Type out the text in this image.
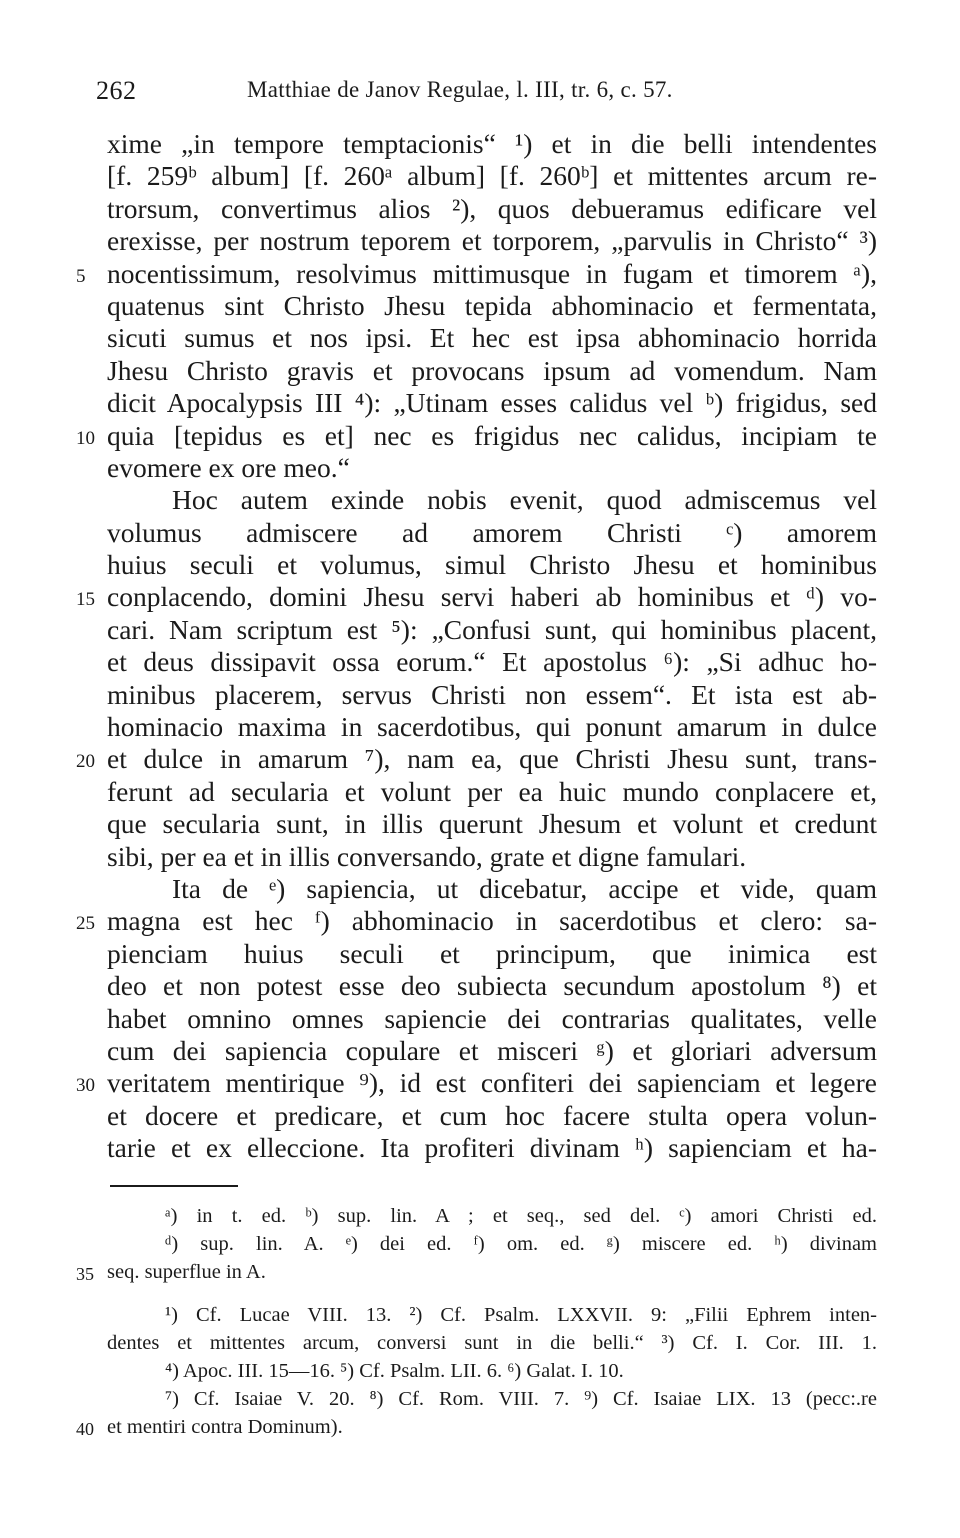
262	Matthiae de Janov Regulae, l. III, tr. 6, c. 57.
xime „in tempore temptacionis“ ¹) et in die belli intendentes
[f. 259ᵇ album] [f. 260ᵃ album] [f. 260ᵇ] et mittentes arcum re-
trorsum, convertimus alios ²), quos debueramus edificare vel
erexisse, per nostrum teporem et torporem, „parvulis in Christo“ ³)
5 nocentissimum, resolvimus mittimusque in fugam et timorem ᵃ),
quatenus sint Christo Jhesu tepida abhominacio et fermentata,
sicuti sumus et nos ipsi. Et hec est ipsa abhominacio horrida
Jhesu Christo gravis et provocans ipsum ad vomendum. Nam
dicit Apocalypsis III ⁴): „Utinam esses calidus vel ᵇ) frigidus, sed
10 quia [tepidus es et] nec es frigidus nec calidus, incipiam te
evomere ex ore meo.“
Hoc autem exinde nobis evenit, quod admiscemus vel
volumus admiscere ad amorem Christi ᶜ) amorem
huius seculi et volumus, simul Christo Jhesu et hominibus
15 conplacendo, domini Jhesu servi haberi ab hominibus et ᵈ) vo-
cari. Nam scriptum est ⁵): „Confusi sunt, qui hominibus placent,
et deus dissipavit ossa eorum.“ Et apostolus ⁶): „Si adhuc ho-
minibus placerem, servus Christi non essem“. Et ista est ab-
hominacio maxima in sacerdotibus, qui ponunt amarum in dulce
20 et dulce in amarum ⁷), nam ea, que Christi Jhesu sunt, trans-
ferunt ad secularia et volunt per ea huic mundo conplacere et,
que secularia sunt, in illis querunt Jhesum et volunt et credunt
sibi, per ea et in illis conversando, grate et digne famulari.
Ita de ᵉ) sapiencia, ut dicebatur, accipe et vide, quam
25 magna est hec ᶠ) abhominacio in sacerdotibus et clero: sa-
pienciam huius seculi et principum, que inimica est
deo et non potest esse deo subiecta secundum apostolum ⁸) et
habet omnino omnes sapiencie dei contrarias qualitates, velle
cum dei sapiencia copulare et misceri ᵍ) et gloriari adversum
30 veritatem mentirique ⁹), id est confiteri dei sapienciam et legere
et docere et predicare, et cum hoc facere stulta opera volun-
tarie et ex elleccione. Ita profiteri divinam ʰ) sapienciam et ha-
ᵃ) in t. ed. ᵇ) sup. lin. A ; et seq., sed del. ᶜ) amori Christi ed.
ᵈ) sup. lin. A. ᵉ) dei ed. ᶠ) om. ed. ᵍ) miscere ed. ʰ) divinam
35 seq. superflue in A.
¹) Cf. Lucae VIII. 13. ²) Cf. Psalm. LXXVII. 9: „Filii Ephrem inten-
dentes et mittentes arcum, conversi sunt in die belli.“ ³) Cf. I. Cor. III. 1.
⁴) Apoc. III. 15—16. ⁵) Cf. Psalm. LII. 6. ⁶) Galat. I. 10.
⁷) Cf. Isaiae V. 20. ⁸) Cf. Rom. VIII. 7. ⁹) Cf. Isaiae LIX. 13 (pecc:.re
40 et mentiri contra Dominum).
